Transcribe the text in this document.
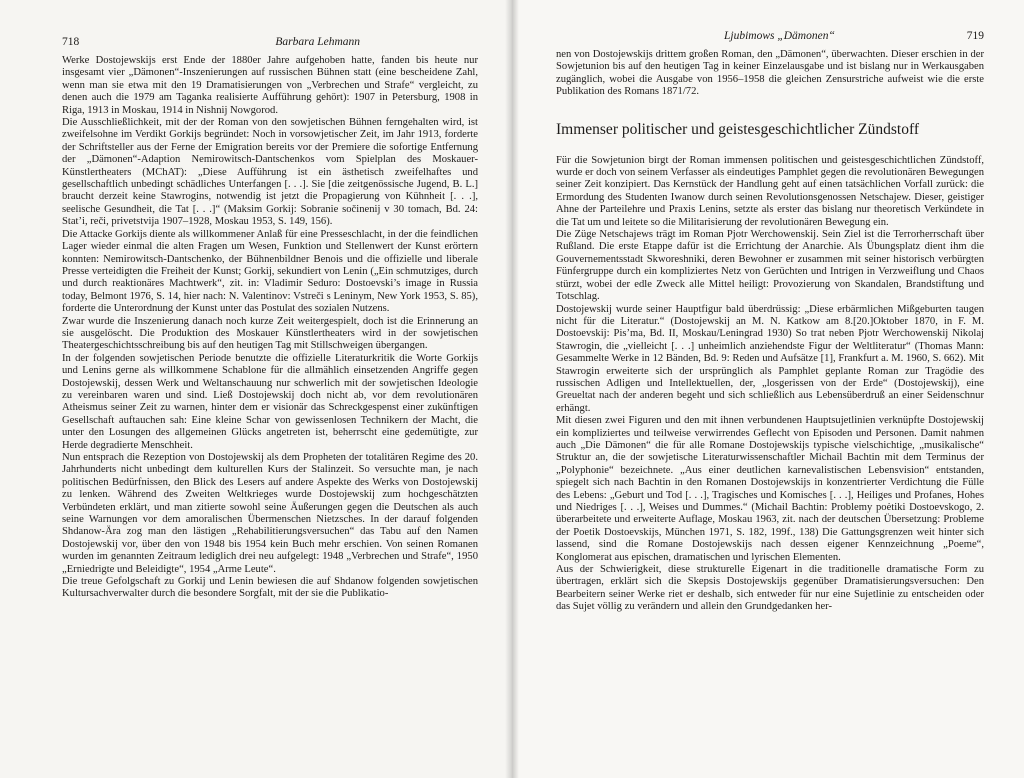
718	Barbara Lehmann

Werke Dostojewskijs erst Ende der 1880er Jahre aufgehoben hatte, fanden bis heute nur insgesamt vier „Dämonen“-Inszenierungen auf russischen Bühnen statt (eine bescheidene Zahl, wenn man sie etwa mit den 19 Dramatisierungen von „Verbrechen und Strafe“ vergleicht, zu denen auch die 1979 am Taganka realisierte Aufführung gehört): 1907 in Petersburg, 1908 in Riga, 1913 in Moskau, 1914 in Nishnij Nowgorod.

Die Ausschließlichkeit, mit der der Roman von den sowjetischen Bühnen ferngehalten wird, ist zweifelsohne im Verdikt Gorkijs begründet: Noch in vorsowjetischer Zeit, im Jahr 1913, forderte der Schriftsteller aus der Ferne der Emigration bereits vor der Premiere die sofortige Entfernung der „Dämonen“-Adaption Nemirowitsch-Dantschenkos vom Spielplan des Moskauer-Künstlertheaters (MChAT): „Diese Aufführung ist ein ästhetisch zweifelhaftes und gesellschaftlich unbedingt schädliches Unterfangen [. . .]. Sie [die zeitgenössische Jugend, B. L.] braucht derzeit keine Stawrogins, notwendig ist jetzt die Propagierung von Kühnheit [. . .], seelische Gesundheit, die Tat [. . .]“ (Maksim Gorkij: Sobranie sočinenij v 30 tomach, Bd. 24: Stat’i, reči, privetstvija 1907–1928, Moskau 1953, S. 149, 156).

Die Attacke Gorkijs diente als willkommener Anlaß für eine Presseschlacht, in der die feindlichen Lager wieder einmal die alten Fragen um Wesen, Funktion und Stellenwert der Kunst erörtern konnten: Nemirowitsch-Dantschenko, der Bühnenbildner Benois und die offizielle und liberale Presse verteidigten die Freiheit der Kunst; Gorkij, sekundiert von Lenin („Ein schmutziges, durch und durch reaktionäres Machtwerk“, zit. in: Vladimir Seduro: Dostoevski’s image in Russia today, Belmont 1976, S. 14, hier nach: N. Valentinov: Vstreči s Leninym, New York 1953, S. 85), forderte die Unterordnung der Kunst unter das Postulat des sozialen Nutzens.

Zwar wurde die Inszenierung danach noch kurze Zeit weitergespielt, doch ist die Erinnerung an sie ausgelöscht. Die Produktion des Moskauer Künstlertheaters wird in der sowjetischen Theatergeschichtsschreibung bis auf den heutigen Tag mit Stillschweigen übergangen.

In der folgenden sowjetischen Periode benutzte die offizielle Literaturkritik die Worte Gorkijs und Lenins gerne als willkommene Schablone für die allmählich einsetzenden Angriffe gegen Dostojewskij, dessen Werk und Weltanschauung nur schwerlich mit der sowjetischen Ideologie zu vereinbaren waren und sind. Ließ Dostojewskij doch nicht ab, vor dem revolutionären Atheismus seiner Zeit zu warnen, hinter dem er visionär das Schreckgespenst einer zukünftigen Gesellschaft auftauchen sah: Eine kleine Schar von gewissenlosen Technikern der Macht, die unter den Losungen des allgemeinen Glücks angetreten ist, beherrscht eine gedemütigte, zur Herde degradierte Menschheit.

Nun entsprach die Rezeption von Dostojewskij als dem Propheten der totalitären Regime des 20. Jahrhunderts nicht unbedingt dem kulturellen Kurs der Stalinzeit. So versuchte man, je nach politischen Bedürfnissen, den Blick des Lesers auf andere Aspekte des Werks von Dostojewskij zu lenken. Während des Zweiten Weltkrieges wurde Dostojewskij zum hochgeschätzten Verbündeten erklärt, und man zitierte sowohl seine Äußerungen gegen die Deutschen als auch seine Warnungen vor dem amoralischen Übermenschen Nietzsches. In der darauf folgenden Shdanow-Ära zog man den lästigen „Rehabilitierungsversuchen“ das Tabu auf den Namen Dostojewskij vor, über den von 1948 bis 1954 kein Buch mehr erschien. Von seinen Romanen wurden im genannten Zeitraum lediglich drei neu aufgelegt: 1948 „Verbrechen und Strafe“, 1950 „Erniedrigte und Beleidigte“, 1954 „Arme Leute“.

Die treue Gefolgschaft zu Gorkij und Lenin bewiesen die auf Shdanow folgenden sowjetischen Kultursachverwalter durch die besondere Sorgfalt, mit der sie die Publikatio-

Ljubimows „Dämonen“	719

nen von Dostojewskijs drittem großen Roman, den „Dämonen“, überwachten. Dieser erschien in der Sowjetunion bis auf den heutigen Tag in keiner Einzelausgabe und ist bislang nur in Werkausgaben zugänglich, wobei die Ausgabe von 1956–1958 die gleichen Zensurstriche aufweist wie die erste Publikation des Romans 1871/72.

Immenser politischer und geistesgeschichtlicher Zündstoff

Für die Sowjetunion birgt der Roman immensen politischen und geistesgeschichtlichen Zündstoff, wurde er doch von seinem Verfasser als eindeutiges Pamphlet gegen die revolutionären Bewegungen seiner Zeit konzipiert. Das Kernstück der Handlung geht auf einen tatsächlichen Vorfall zurück: die Ermordung des Studenten Iwanow durch seinen Revolutionsgenossen Netschajew. Dieser, geistiger Ahne der Parteilehre und Praxis Lenins, setzte als erster das bislang nur theoretisch Verkündete in die Tat um und leitete so die Militarisierung der revolutionären Bewegung ein.

Die Züge Netschajews trägt im Roman Pjotr Werchowenskij. Sein Ziel ist die Terrorherrschaft über Rußland. Die erste Etappe dafür ist die Errichtung der Anarchie. Als Übungsplatz dient ihm die Gouvernementsstadt Skworeshniki, deren Bewohner er zusammen mit seiner historisch verbürgten Fünfergruppe durch ein kompliziertes Netz von Gerüchten und Intrigen in Verzweiflung und Chaos stürzt, wobei der edle Zweck alle Mittel heiligt: Provozierung von Skandalen, Brandstiftung und Totschlag.

Dostojewskij wurde seiner Hauptfigur bald überdrüssig: „Diese erbärmlichen Mißgeburten taugen nicht für die Literatur.“ (Dostojewskij an M. N. Katkow am 8.[20.]Oktober 1870, in F. M. Dostoevskij: Pis’ma, Bd. II, Moskau/Leningrad 1930) So trat neben Pjotr Werchowenskij Nikolaj Stawrogin, die „vielleicht [. . .] unheimlich anziehendste Figur der Weltliteratur“ (Thomas Mann: Gesammelte Werke in 12 Bänden, Bd. 9: Reden und Aufsätze [1], Frankfurt a. M. 1960, S. 662). Mit Stawrogin erweiterte sich der ursprünglich als Pamphlet geplante Roman zur Tragödie des russischen Adligen und Intellektuellen, der, „losgerissen von der Erde“ (Dostojewskij), eine Greueltat nach der anderen begeht und sich schließlich aus Lebensüberdruß an einer Seidenschnur erhängt.

Mit diesen zwei Figuren und den mit ihnen verbundenen Hauptsujetlinien verknüpfte Dostojewskij ein kompliziertes und teilweise verwirrendes Geflecht von Episoden und Personen. Damit nahmen auch „Die Dämonen“ die für alle Romane Dostojewskijs typische vielschichtige, „musikalische“ Struktur an, die der sowjetische Literaturwissenschaftler Michail Bachtin mit dem Terminus der „Polyphonie“ bezeichnete. „Aus einer deutlichen karnevalistischen Lebensvision“ entstanden, spiegelt sich nach Bachtin in den Romanen Dostojewskijs in konzentrierter Verdichtung die Fülle des Lebens: „Geburt und Tod [. . .], Tragisches und Komisches [. . .], Heiliges und Profanes, Hohes und Niedriges [. . .], Weises und Dummes.“ (Michail Bachtin: Problemy poėtiki Dostoevskogo, 2. überarbeitete und erweiterte Auflage, Moskau 1963, zit. nach der deutschen Übersetzung: Probleme der Poetik Dostoevskijs, München 1971, S. 182, 199f., 138) Die Gattungsgrenzen weit hinter sich lassend, sind die Romane Dostojewskijs nach dessen eigener Kennzeichnung „Poeme“, Konglomerat aus epischen, dramatischen und lyrischen Elementen.

Aus der Schwierigkeit, diese strukturelle Eigenart in die traditionelle dramatische Form zu übertragen, erklärt sich die Skepsis Dostojewskijs gegenüber Dramatisierungsversuchen: Den Bearbeitern seiner Werke riet er deshalb, sich entweder für nur eine Sujetlinie zu entscheiden oder das Sujet völlig zu verändern und allein den Grundgedanken her-
